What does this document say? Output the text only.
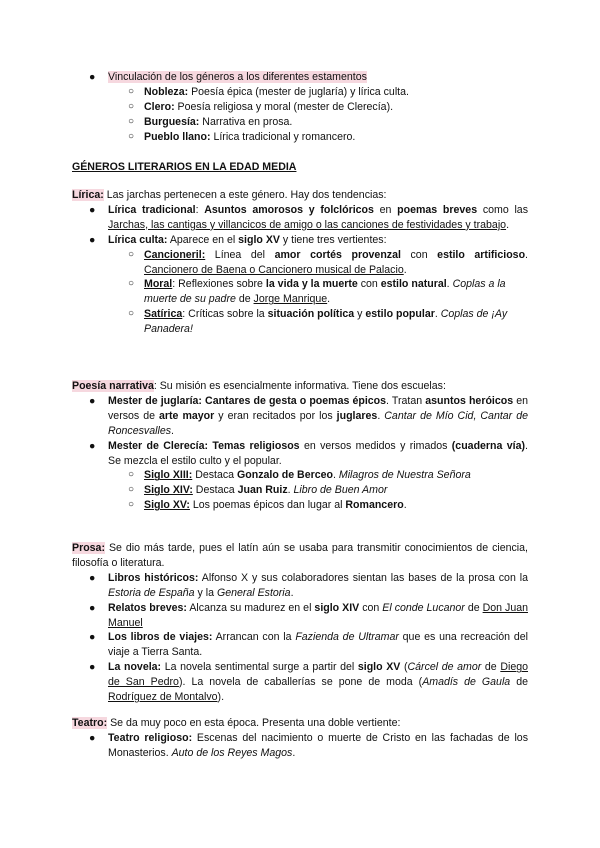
● Vinculación de los géneros a los diferentes estamentos
○ Nobleza: Poesía épica (mester de juglaría) y lírica culta.
○ Clero: Poesía religiosa y moral (mester de Clerecía).
○ Burguesía: Narrativa en prosa.
○ Pueblo llano: Lírica tradicional y romancero.

GÉNEROS LITERARIOS EN LA EDAD MEDIA

Lírica: Las jarchas pertenecen a este género. Hay dos tendencias:

● Lírica tradicional: Asuntos amorosos y folclóricos en poemas breves como las Jarchas, las cantigas y villancicos de amigo o las canciones de festividades y trabajo.
● Lírica culta: Aparece en el siglo XV y tiene tres vertientes:
○ Cancioneril: Línea del amor cortés provenzal con estilo artificioso. Cancionero de Baena o Cancionero musical de Palacio.
○ Moral: Reflexiones sobre la vida y la muerte con estilo natural. Coplas a la muerte de su padre de Jorge Manrique.
○ Satírica: Críticas sobre la situación política y estilo popular. Coplas de ¡Ay Panadera!

Poesía narrativa: Su misión es esencialmente informativa. Tiene dos escuelas:

● Mester de juglaría: Cantares de gesta o poemas épicos. Tratan asuntos heróicos en versos de arte mayor y eran recitados por los juglares. Cantar de Mío Cid, Cantar de Roncesvalles.
● Mester de Clerecía: Temas religiosos en versos medidos y rimados (cuaderna vía). Se mezcla el estilo culto y el popular.
○ Siglo XIII: Destaca Gonzalo de Berceo. Milagros de Nuestra Señora
○ Siglo XIV: Destaca Juan Ruiz. Libro de Buen Amor
○ Siglo XV: Los poemas épicos dan lugar al Romancero.

Prosa: Se dio más tarde, pues el latín aún se usaba para transmitir conocimientos de ciencia, filosofía o literatura.

● Libros históricos: Alfonso X y sus colaboradores sientan las bases de la prosa con la Estoria de España y la General Estoria.
● Relatos breves: Alcanza su madurez en el siglo XIV con El conde Lucanor de Don Juan Manuel
● Los libros de viajes: Arrancan con la Fazienda de Ultramar que es una recreación del viaje a Tierra Santa.
● La novela: La novela sentimental surge a partir del siglo XV (Cárcel de amor de Diego de San Pedro). La novela de caballerías se pone de moda (Amadís de Gaula de Rodríguez de Montalvo).

Teatro: Se da muy poco en esta época. Presenta una doble vertiente:

● Teatro religioso: Escenas del nacimiento o muerte de Cristo en las fachadas de los Monasterios. Auto de los Reyes Magos.
